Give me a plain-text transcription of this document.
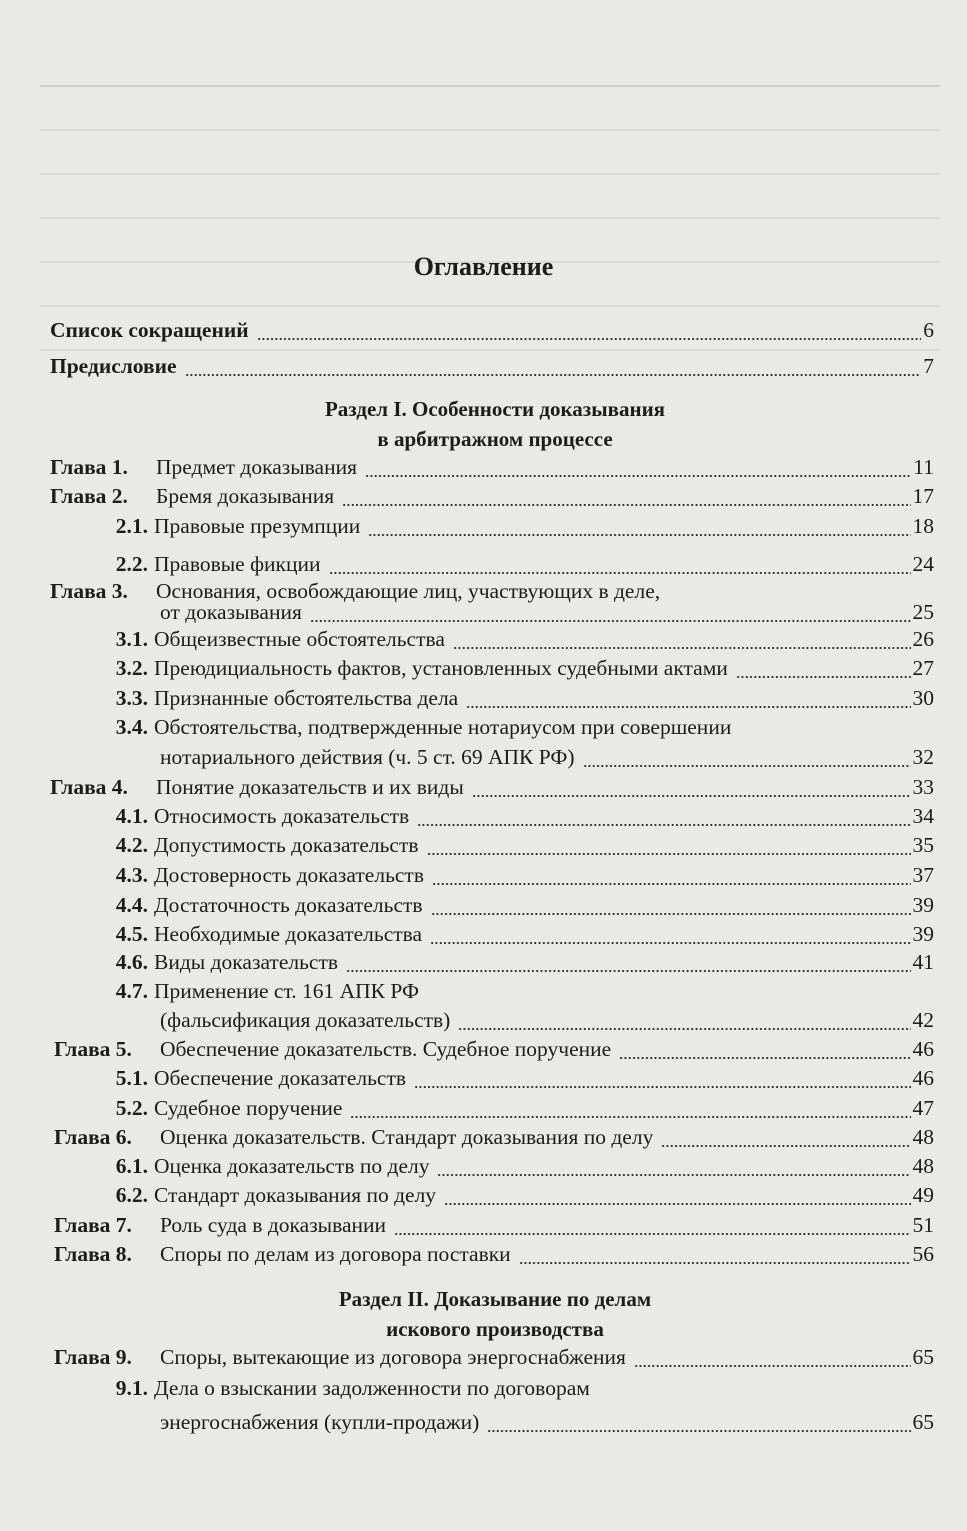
Оглавление
Раздел I. Особенности доказывания
в арбитражном процессе
Раздел II. Доказывание по делам
искового производства
Список сокращений	6
Предисловие	7
Глава 1. Предмет доказывания	11
Глава 2. Бремя доказывания	17
2.1. Правовые презумпции	18
2.2. Правовые фикции	24
Глава 3. Основания, освобождающие лиц, участвующих в деле,
от доказывания	25
3.1. Общеизвестные обстоятельства	26
3.2. Преюдициальность фактов, установленных судебными актами	27
3.3. Признанные обстоятельства дела	30
3.4. Обстоятельства, подтвержденные нотариусом при совершении
нотариального действия (ч. 5 ст. 69 АПК РФ)	32
Глава 4. Понятие доказательств и их виды	33
4.1. Относимость доказательств	34
4.2. Допустимость доказательств	35
4.3. Достоверность доказательств	37
4.4. Достаточность доказательств	39
4.5. Необходимые доказательства	39
4.6. Виды доказательств	41
4.7. Применение ст. 161 АПК РФ
(фальсификация доказательств)	42
Глава 5. Обеспечение доказательств. Судебное поручение	46
5.1. Обеспечение доказательств	46
5.2. Судебное поручение	47
Глава 6. Оценка доказательств. Стандарт доказывания по делу	48
6.1. Оценка доказательств по делу	48
6.2. Стандарт доказывания по делу	49
Глава 7. Роль суда в доказывании	51
Глава 8. Споры по делам из договора поставки	56
Глава 9. Споры, вытекающие из договора энергоснабжения	65
9.1. Дела о взыскании задолженности по договорам
энергоснабжения (купли-продажи)	65
